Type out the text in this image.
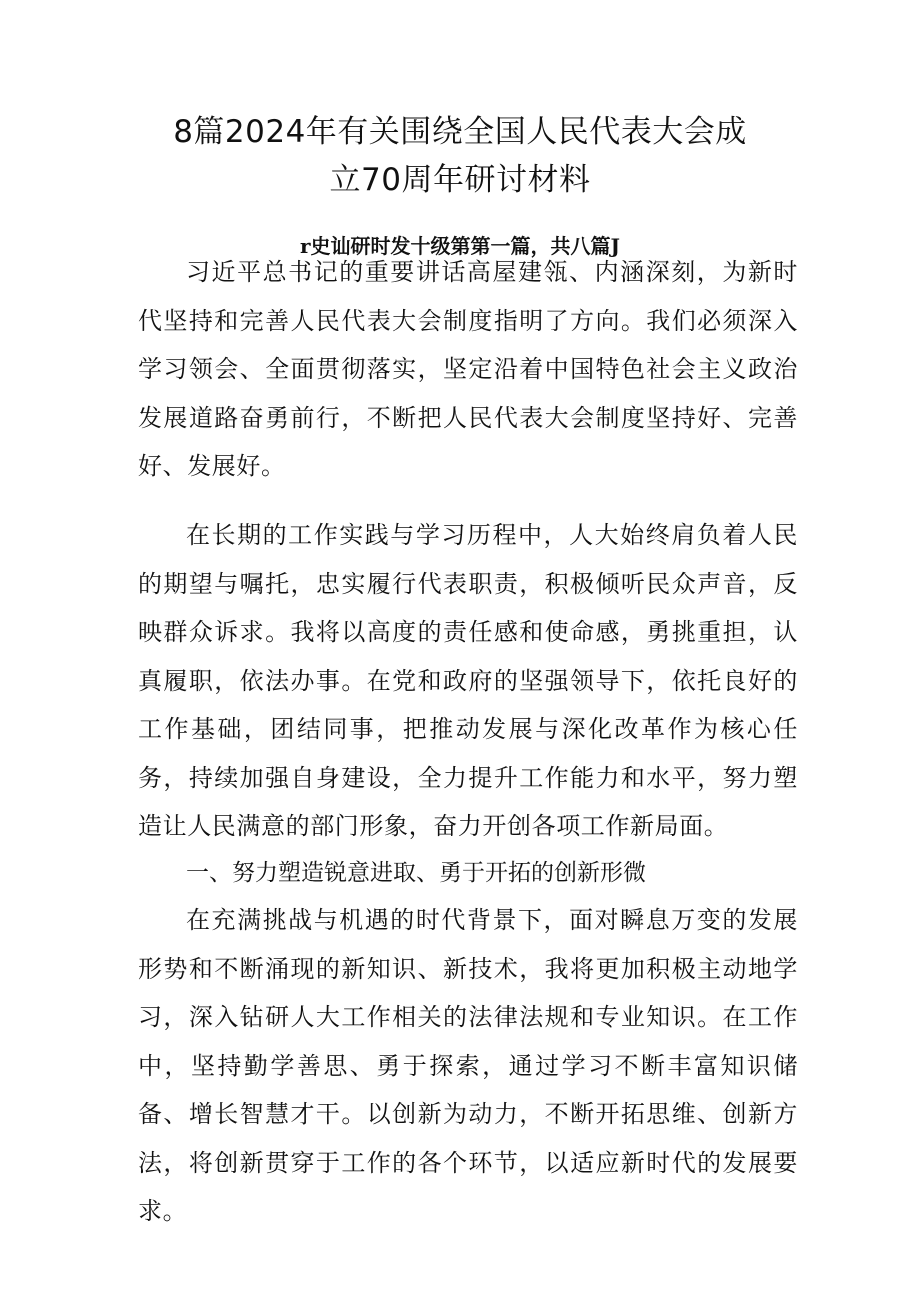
8篇2024年有关围绕全国人民代表大会成
立70周年研讨材料

r史讪研时发十级第第一篇，共八篇J

习近平总书记的重要讲话高屋建瓴、内涵深刻，为新时代坚持和完善人民代表大会制度指明了方向。我们必须深入学习领会、全面贯彻落实，坚定沿着中国特色社会主义政治发展道路奋勇前行，不断把人民代表大会制度坚持好、完善好、发展好。

在长期的工作实践与学习历程中，人大始终肩负着人民的期望与嘱托，忠实履行代表职责，积极倾听民众声音，反映群众诉求。我将以高度的责任感和使命感，勇挑重担，认真履职，依法办事。在党和政府的坚强领导下，依托良好的工作基础，团结同事，把推动发展与深化改革作为核心任务，持续加强自身建设，全力提升工作能力和水平，努力塑造让人民满意的部门形象，奋力开创各项工作新局面。

一、努力塑造锐意进取、勇于开拓的创新形微

在充满挑战与机遇的时代背景下，面对瞬息万变的发展形势和不断涌现的新知识、新技术，我将更加积极主动地学习，深入钻研人大工作相关的法律法规和专业知识。在工作中，坚持勤学善思、勇于探索，通过学习不断丰富知识储备、增长智慧才干。以创新为动力，不断开拓思维、创新方法，将创新贯穿于工作的各个环节，以适应新时代的发展要求。
